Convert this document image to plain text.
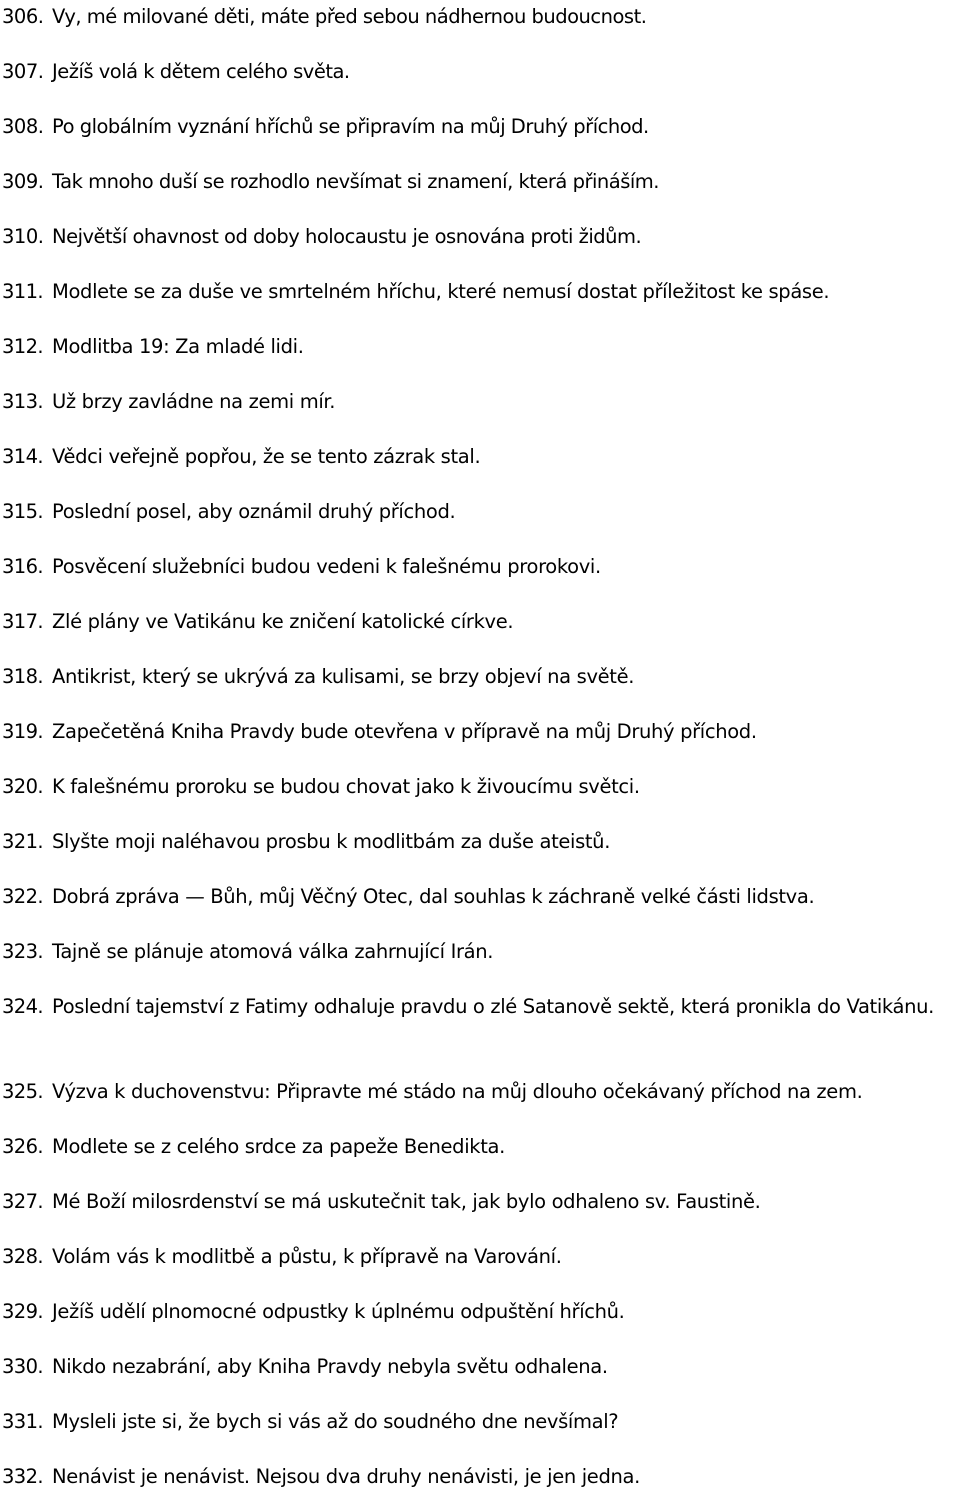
306. Vy, mé milované děti, máte před sebou nádhernou budoucnost.
307. Ježíš volá k dětem celého světa.
308. Po globálním vyznání hříchů se připravím na můj Druhý příchod.
309. Tak mnoho duší se rozhodlo nevšímat si znamení, která přináším.
310. Největší ohavnost od doby holocaustu je osnována proti židům.
311. Modlete se za duše ve smrtelném hříchu, které nemusí dostat příležitost ke spáse.
312. Modlitba 19: Za mladé lidi.
313. Už brzy zavládne na zemi mír.
314. Vědci veřejně popřou, že se tento zázrak stal.
315. Poslední posel, aby oznámil druhý příchod.
316. Posvěcení služebníci budou vedeni k falešnému prorokovi.
317. Zlé plány ve Vatikánu ke zničení katolické církve.
318. Antikrist, který se ukrývá za kulisami, se brzy objeví na světě.
319. Zapečetěná Kniha Pravdy bude otevřena v přípravě na můj Druhý příchod.
320. K falešnému proroku se budou chovat jako k živoucímu světci.
321. Slyšte moji naléhavou prosbu k modlitbám za duše ateistů.
322. Dobrá zpráva — Bůh, můj Věčný Otec, dal souhlas k záchraně velké části lidstva.
323. Tajně se plánuje atomová válka zahrnující Irán.
324. Poslední tajemství z Fatimy odhaluje pravdu o zlé Satanově sektě, která pronikla do Vatikánu.
325. Výzva k duchovenstvu: Připravte mé stádo na můj dlouho očekávaný příchod na zem.
326. Modlete se z celého srdce za papeže Benedikta.
327. Mé Boží milosrdenství se má uskutečnit tak, jak bylo odhaleno sv. Faustině.
328. Volám vás k modlitbě a půstu, k přípravě na Varování.
329. Ježíš udělí plnomocné odpustky k úplnému odpuštění hříchů.
330. Nikdo nezabrání, aby Kniha Pravdy nebyla světu odhalena.
331. Mysleli jste si, že bych si vás až do soudného dne nevšímal?
332. Nenávist je nenávist. Nejsou dva druhy nenávisti, je jen jedna.
